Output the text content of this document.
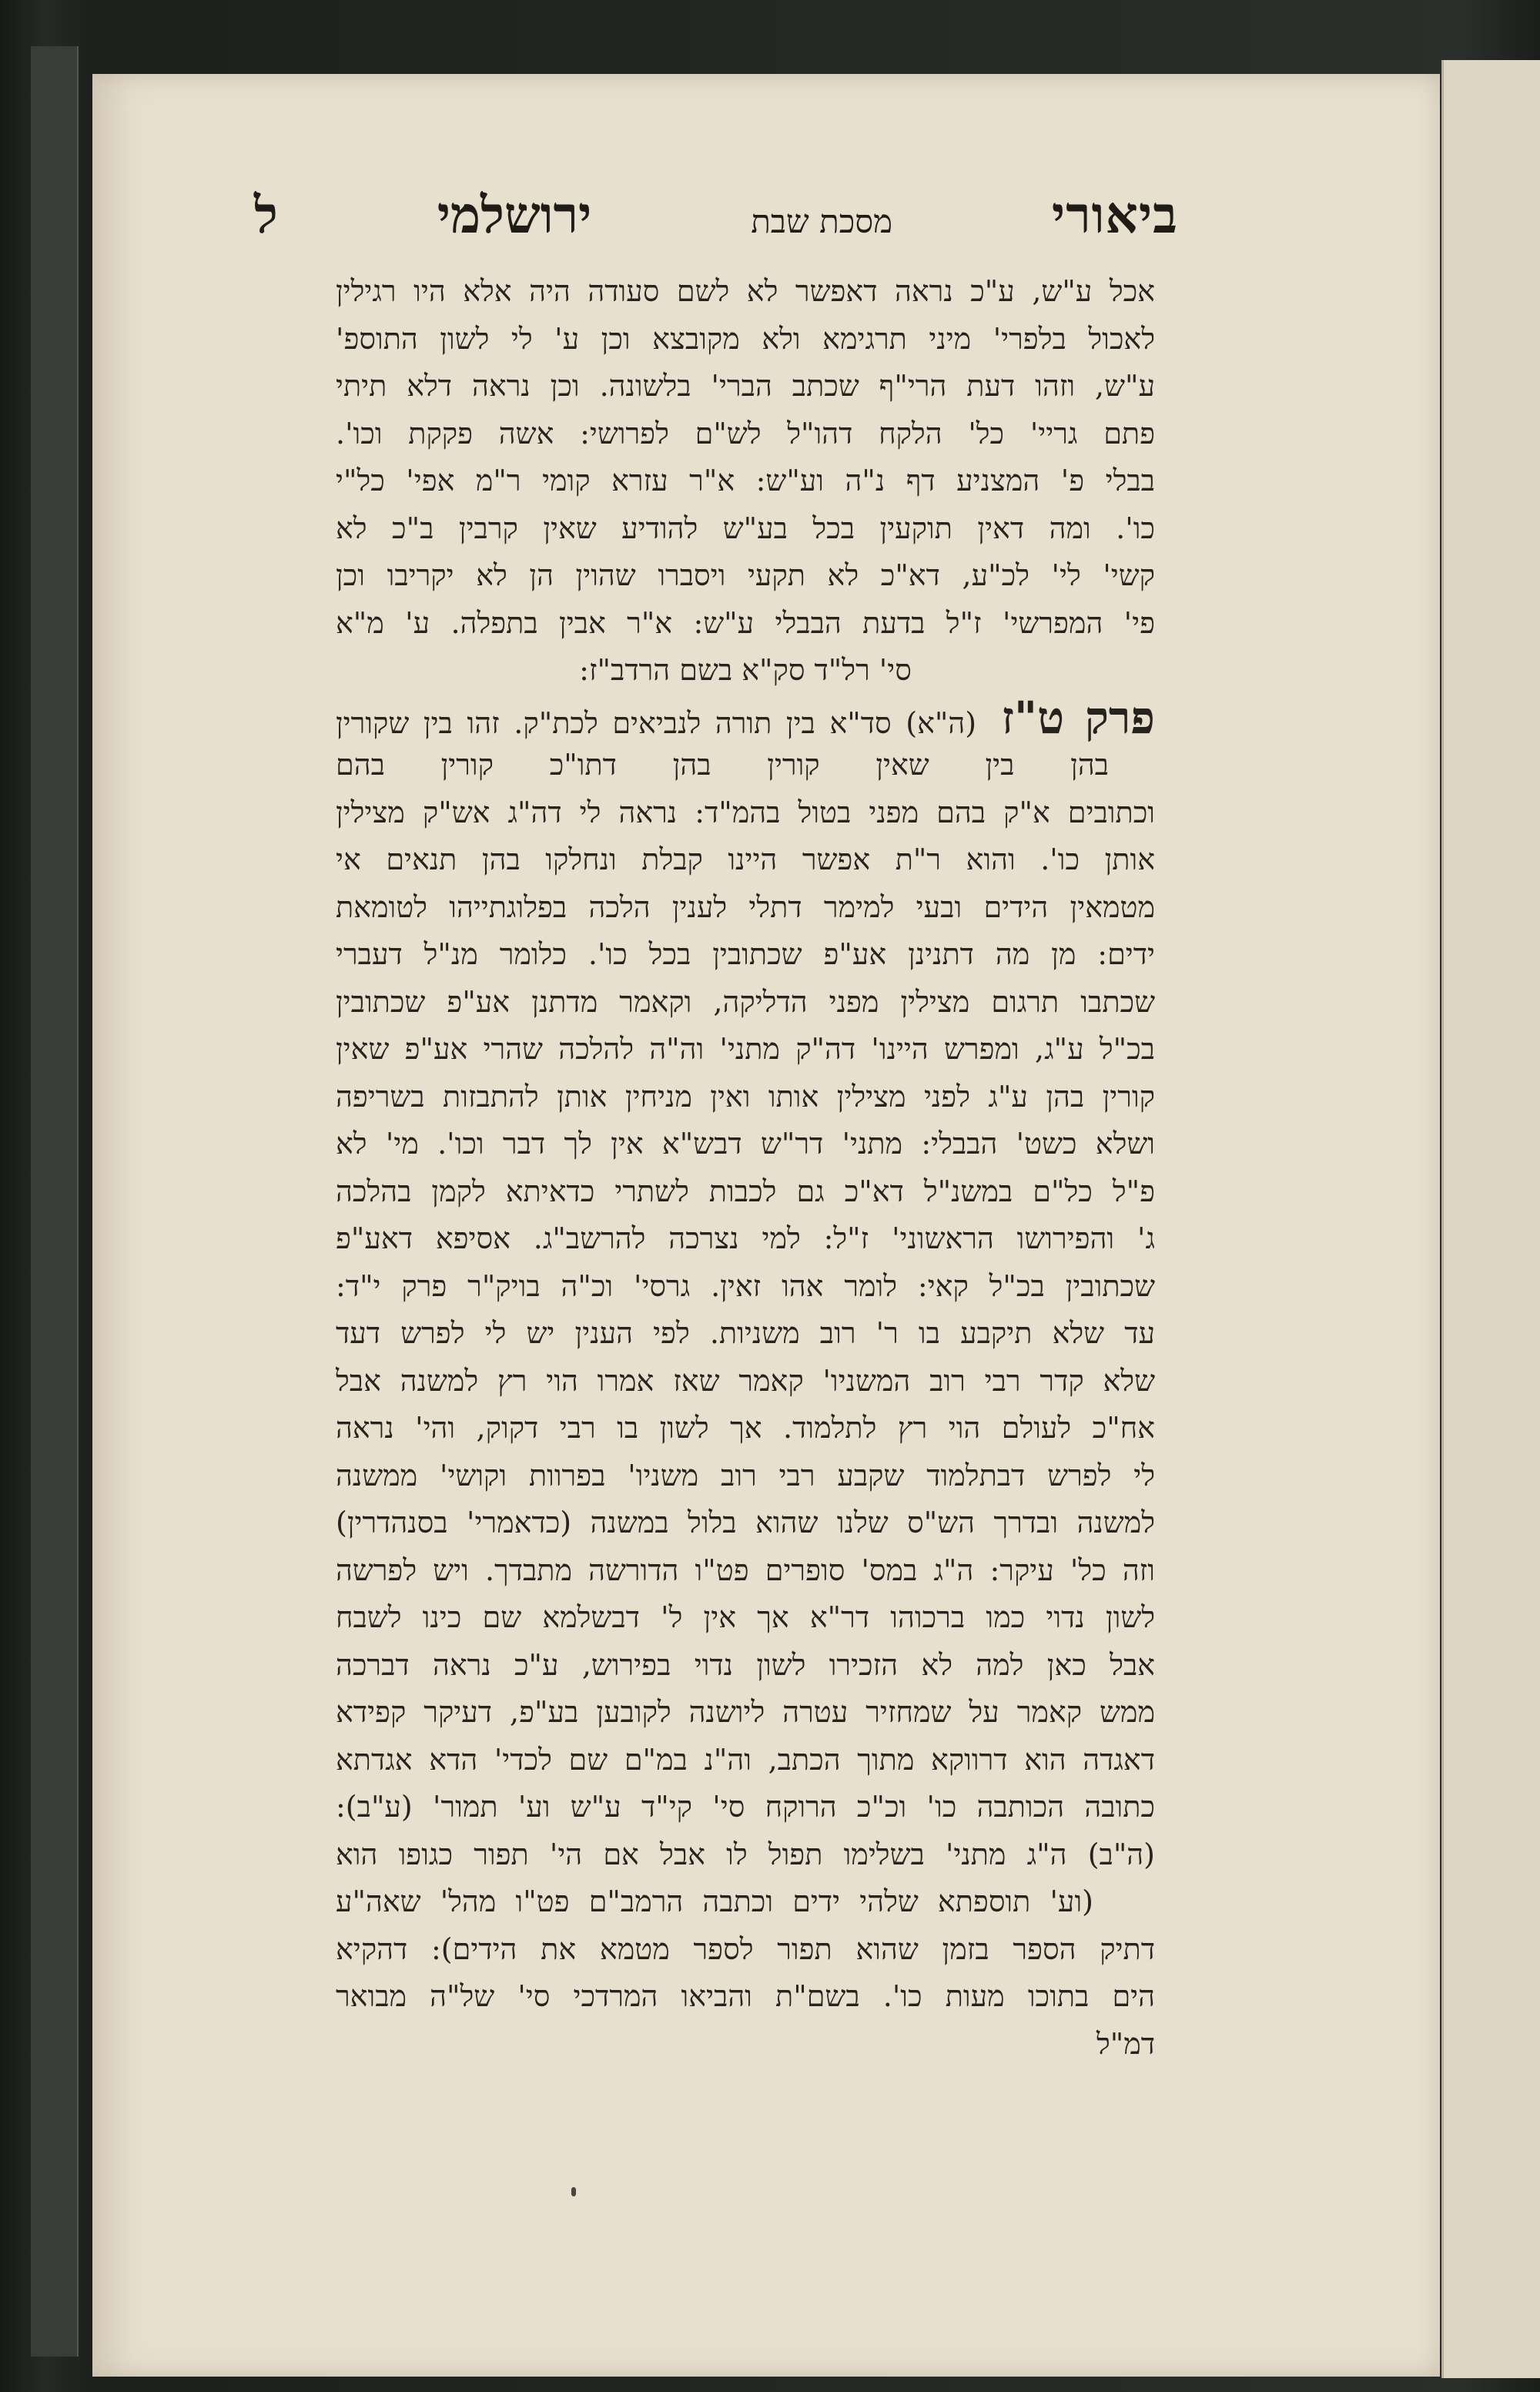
ביאורי
מסכת שבת
ירושלמי
ל
אכל ע"ש, ע"כ נראה דאפשר לא לשם סעודה היה אלא היו רגילין
לאכול בלפרי' מיני תרגימא ולא מקובצא וכן ע' לי לשון התוספ'
ע"ש, וזהו דעת הרי"ף שכתב הברי' בלשונה. וכן נראה דלא תיתי
פתם גריי' כל' הלקח דהו"ל לש"ם לפרושי: אשה פקקת וכו'.
בבלי פ' המצניע דף נ"ה וע"ש: א"ר עזרא קומי ר"מ אפי' כל"י
כו'. ומה דאין תוקעין בכל בע"ש להודיע שאין קרבין ב"כ לא
קשי' לי' לכ"ע, דא"כ לא תקעי ויסברו שהוין הן לא יקריבו וכן
פי' המפרשי' ז"ל בדעת הבבלי ע"ש: א"ר אבין בתפלה. ע' מ"א
סי' רל"ד סק"א בשם הרדב"ז:
פרק ט"ז (ה"א) סד"א בין תורה לנביאים לכת"ק. זהו בין שקורין
בהן בין שאין קורין בהן דתו"כ קורין בהם
וכתובים א"ק בהם מפני בטול בהמ"ד: נראה לי דה"ג אש"ק מצילין
אותן כו'. והוא ר"ת אפשר היינו קבלת ונחלקו בהן תנאים אי
מטמאין הידים ובעי למימר דתלי לענין הלכה בפלוגתייהו לטומאת
ידים: מן מה דתנינן אע"פ שכתובין בכל כו'. כלומר מנ"ל דעברי
שכתבו תרגום מצילין מפני הדליקה, וקאמר מדתנן אע"פ שכתובין
בכ"ל ע"ג, ומפרש היינו' דה"ק מתני' וה"ה להלכה שהרי אע"פ שאין
קורין בהן ע"ג לפני מצילין אותו ואין מניחין אותן להתבזות בשריפה
ושלא כשט' הבבלי: מתני' דר"ש דבש"א אין לך דבר וכו'. מי' לא
פ"ל כל"ם במשנ"ל דא"כ גם לכבות לשתרי כדאיתא לקמן בהלכה
ג' והפירושו הראשוני' ז"ל: למי נצרכה להרשב"ג. אסיפא דאע"פ
שכתובין בכ"ל קאי: לומר אהו זאין. גרסי' וכ"ה בויק"ר פרק י"ד:
עד שלא תיקבע בו ר' רוב משניות. לפי הענין יש לי לפרש דעד
שלא קדר רבי רוב המשניו' קאמר שאז אמרו הוי רץ למשנה אבל
אח"כ לעולם הוי רץ לתלמוד. אך לשון בו רבי דקוק, והי' נראה
לי לפרש דבתלמוד שקבע רבי רוב משניו' בפרוות וקושי' ממשנה
למשנה ובדרך הש"ס שלנו שהוא בלול במשנה (כדאמרי' בסנהדרין)
וזה כל' עיקר: ה"ג במס' סופרים פט"ו הדורשה מתבדך. ויש לפרשה
לשון נדוי כמו ברכוהו דר"א אך אין ל' דבשלמא שם כינו לשבח
אבל כאן למה לא הזכירו לשון נדוי בפירוש, ע"כ נראה דברכה
ממש קאמר על שמחזיר עטרה ליושנה לקובען בע"פ, דעיקר קפידא
דאגדה הוא דרווקא מתוך הכתב, וה"נ במ"ם שם לכדי' הדא אגדתא
כתובה הכותבה כו' וכ"כ הרוקח סי' קי"ד ע"ש וע' תמור' (ע"ב):
(ה"ב) ה"ג מתני' בשלימו תפול לו אבל אם הי' תפור כגופו הוא
(וע' תוספתא שלהי ידים וכתבה הרמב"ם פט"ו מהל' שאה"ע
דתיק הספר בזמן שהוא תפור לספר מטמא את הידים): דהקיא
הים בתוכו מעות כו'. בשם"ת והביאו המרדכי סי' של"ה מבואר
דמ"ל
